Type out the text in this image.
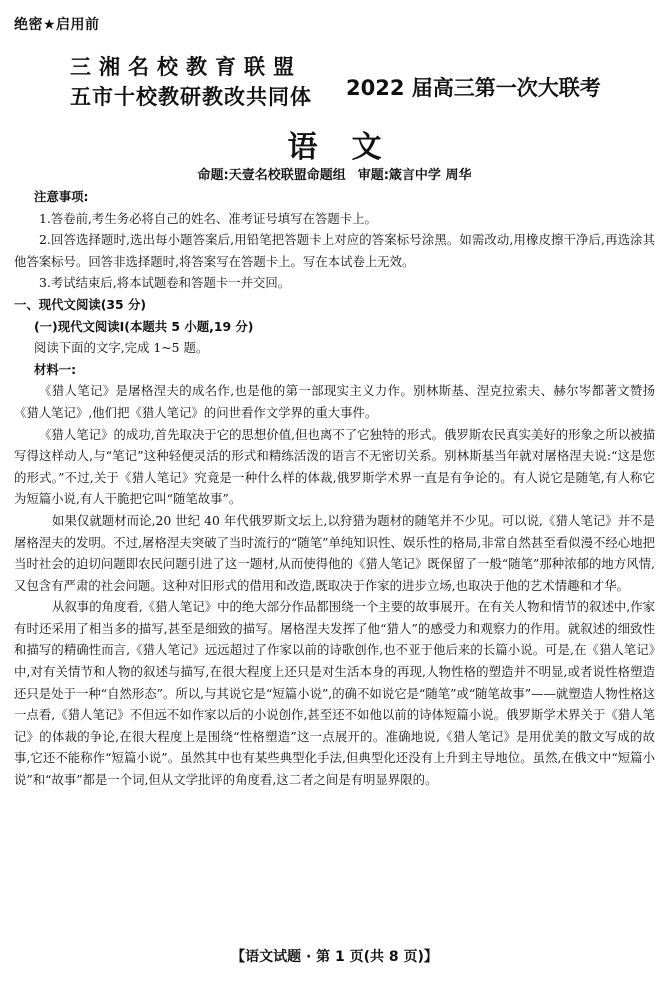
绝密★启用前
三湘名校教育联盟
五市十校教研教改共同体 2022 届高三第一次大联考
语文
命题:天壹名校联盟命题组 审题:箴言中学 周华

注意事项:

1.答卷前,考生务必将自己的姓名、准考证号填写在答题卡上。

2.回答选择题时,选出每小题答案后,用铅笔把答题卡上对应的答案标号涂黑。如需改动,用橡皮擦干净后,再选涂其他答案标号。回答非选择题时,将答案写在答题卡上。写在本试卷上无效。

3.考试结束后,将本试题卷和答题卡一并交回。

一、现代文阅读(35 分)

(一)现代文阅读Ⅰ(本题共 5 小题,19 分)

阅读下面的文字,完成 1~5 题。

材料一:

《猎人笔记》是屠格涅夫的成名作,也是他的第一部现实主义力作。别林斯基、涅克拉索夫、赫尔岑都著文赞扬《猎人笔记》,他们把《猎人笔记》的问世看作文学界的重大事件。

《猎人笔记》的成功,首先取决于它的思想价值,但也离不了它独特的形式。俄罗斯农民真实美好的形象之所以被描写得这样动人,与“笔记”这种轻便灵活的形式和精练活泼的语言不无密切关系。别林斯基当年就对屠格涅夫说:“这是您的形式。”不过,关于《猎人笔记》究竟是一种什么样的体裁,俄罗斯学术界一直是有争论的。有人说它是随笔,有人称它为短篇小说,有人干脆把它叫“随笔故事”。

如果仅就题材而论,20 世纪 40 年代俄罗斯文坛上,以狩猎为题材的随笔并不少见。可以说,《猎人笔记》并不是屠格涅夫的发明。不过,屠格涅夫突破了当时流行的“随笔”单纯知识性、娱乐性的格局,非常自然甚至看似漫不经心地把当时社会的迫切问题即农民问题引进了这一题材,从而使得他的《猎人笔记》既保留了一般“随笔”那种浓郁的地方风情,又包含有严肃的社会问题。这种对旧形式的借用和改造,既取决于作家的进步立场,也取决于他的艺术情趣和才华。

从叙事的角度看,《猎人笔记》中的绝大部分作品都围绕一个主要的故事展开。在有关人物和情节的叙述中,作家有时还采用了相当多的描写,甚至是细致的描写。屠格涅夫发挥了他“猎人”的感受力和观察力的作用。就叙述的细致性和描写的精确性而言,《猎人笔记》远远超过了作家以前的诗歌创作,也不亚于他后来的长篇小说。可是,在《猎人笔记》中,对有关情节和人物的叙述与描写,在很大程度上还只是对生活本身的再现,人物性格的塑造并不明显,或者说性格塑造还只是处于一种“自然形态”。所以,与其说它是“短篇小说”,的确不如说它是“随笔”或“随笔故事”——就塑造人物性格这一点看,《猎人笔记》不但远不如作家以后的小说创作,甚至还不如他以前的诗体短篇小说。俄罗斯学术界关于《猎人笔记》的体裁的争论,在很大程度上是围绕“性格塑造”这一点展开的。准确地说,《猎人笔记》是用优美的散文写成的故事,它还不能称作“短篇小说”。虽然其中也有某些典型化手法,但典型化还没有上升到主导地位。虽然,在俄文中“短篇小说”和“故事”都是一个词,但从文学批评的角度看,这二者之间是有明显界限的。

【语文试题 · 第 1 页(共 8 页)】
